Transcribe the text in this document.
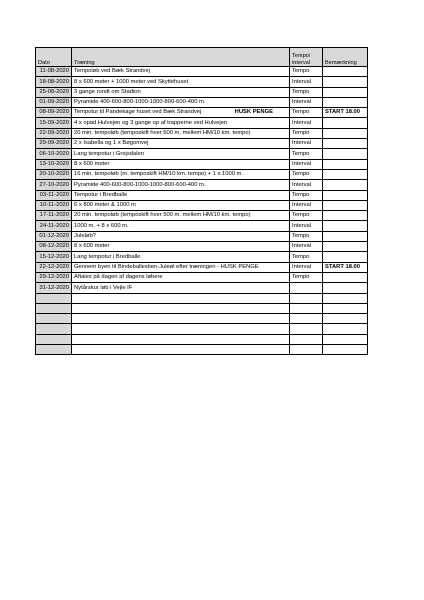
Dato	Træning	Tempo/ interval	Bemærkning
11-08-2020	Tempoløb ved Bæk Strandvej	Tempo	
18-08-2020	8 x 600 meter + 1000 meter ved Skyttehuset	Interval	
25-08-2020	3 gange rundt om Stadion	Tempo	
01-09-2020	Pyramide 400-600-800-1000-1000-800-600-400 m.	Interval	
08-09-2020	Tempotur til Pandekage huset ved Bæk Strandvej HUSK PENGE	Tempo	START 18.00
15-09-2020	4 x opad Hulvejen og 3 gange op af trapperne ved Hulvejen	Interval	
22-09-2020	20 min. tempoløb (temposkift hver 500 m. mellem HM/10 km. tempo)	Tempo	
29-09-2020	2 x Isabella og 1 x Bøgomvej	Interval	
06-10-2020	Lang tempotur i Grejsdalen	Tempo	
13-10-2020	8 x 600 meter	Interval	
20-10-2020	16 min. tempoløb (m. temposkift HM/10 km. tempo) + 1 x 1000 m.	Tempo	
27-10-2020	Pyramide 400-600-800-1000-1000-800-600-400 m.	Interval	
03-11-2020	Tempotur i Bredballe	Tempo	
10-11-2020	6 x 800 meter & 1000 m	Interval	
17-11-2020	20 min. tempoløb (temposkift hver 500 m. mellem HM/10 km. tempo)	Tempo	
24-11-2020	1000 m. + 8 x 600 m.	Interval	
01-12-2020	Juleløb?	Tempo	
08-12-2020	8 x 600 meter	Interval	
15-12-2020	Lang tempotur i Bredballe	Tempo	
22-12-2020	Gennem byen til Bindeballestien-Juleøl efter træningen - HUSK PENGE	Interval	START 18.00
29-12-2020	Aftales på dagen af dagens løbere	Tempo	
31-12-2020	Nytårskur løb i Vejle IF		
